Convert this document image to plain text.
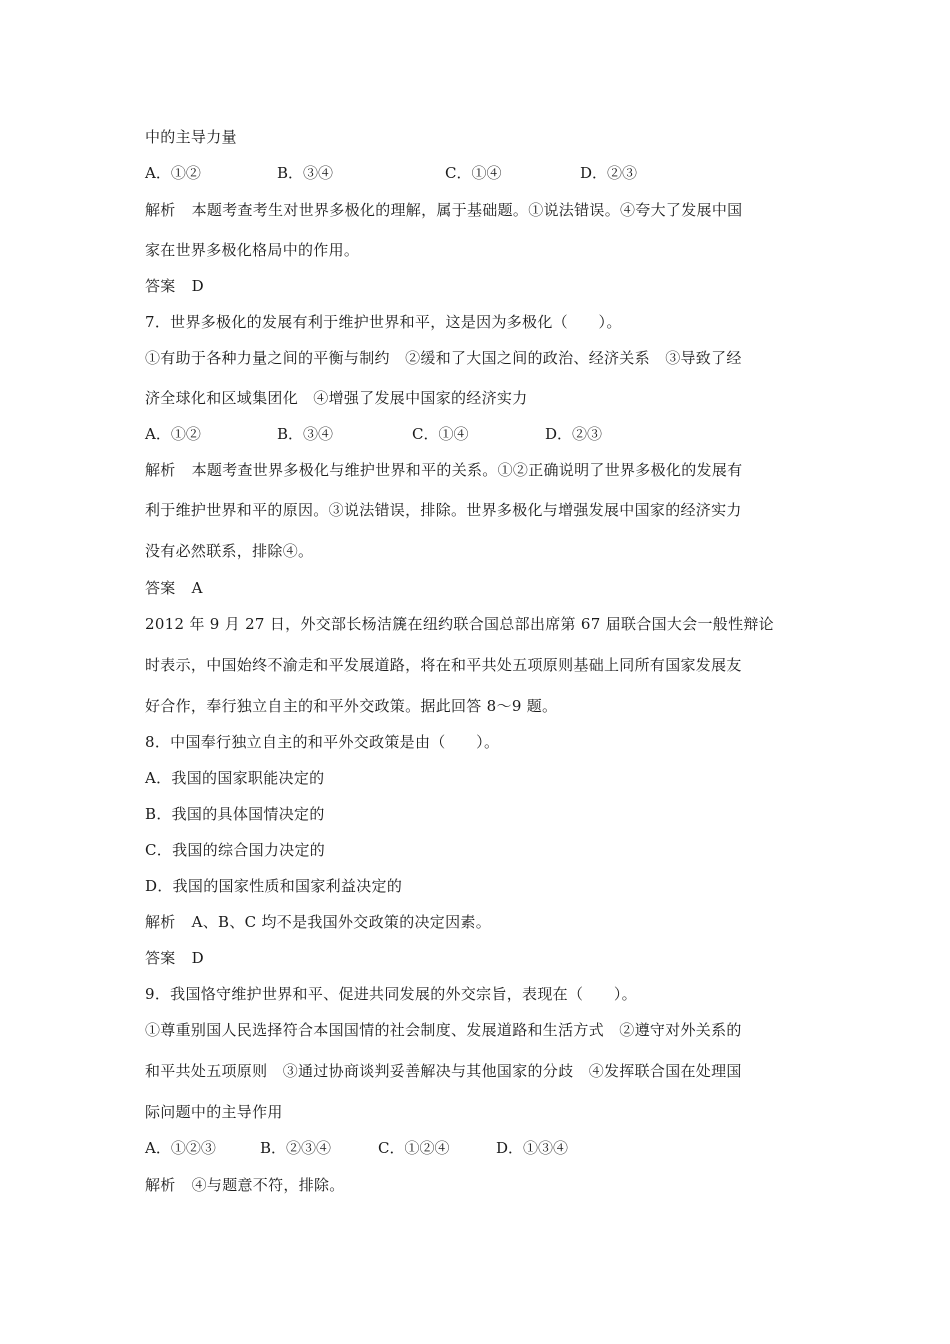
中的主导力量
A．①②	B．③④	C．①④	D．②③
解析 本题考查考生对世界多极化的理解，属于基础题。①说法错误。④夸大了发展中国
家在世界多极化格局中的作用。
答案 D
7．世界多极化的发展有利于维护世界和平，这是因为多极化（　　）。
①有助于各种力量之间的平衡与制约　②缓和了大国之间的政治、经济关系　③导致了经
济全球化和区域集团化　④增强了发展中国家的经济实力
A．①②	B．③④	C．①④	D．②③
解析 本题考查世界多极化与维护世界和平的关系。①②正确说明了世界多极化的发展有
利于维护世界和平的原因。③说法错误，排除。世界多极化与增强发展中国家的经济实力
没有必然联系，排除④。
答案 A
2012 年 9 月 27 日，外交部长杨洁篪在纽约联合国总部出席第 67 届联合国大会一般性辩论
时表示，中国始终不渝走和平发展道路，将在和平共处五项原则基础上同所有国家发展友
好合作，奉行独立自主的和平外交政策。据此回答 8～9 题。
8．中国奉行独立自主的和平外交政策是由（　　）。
A．我国的国家职能决定的
B．我国的具体国情决定的
C．我国的综合国力决定的
D．我国的国家性质和国家利益决定的
解析 A、B、C 均不是我国外交政策的决定因素。
答案 D
9．我国恪守维护世界和平、促进共同发展的外交宗旨，表现在（　　）。
①尊重别国人民选择符合本国国情的社会制度、发展道路和生活方式　②遵守对外关系的
和平共处五项原则　③通过协商谈判妥善解决与其他国家的分歧　④发挥联合国在处理国
际问题中的主导作用
A．①②③	B．②③④	C．①②④	D．①③④
解析 ④与题意不符，排除。
